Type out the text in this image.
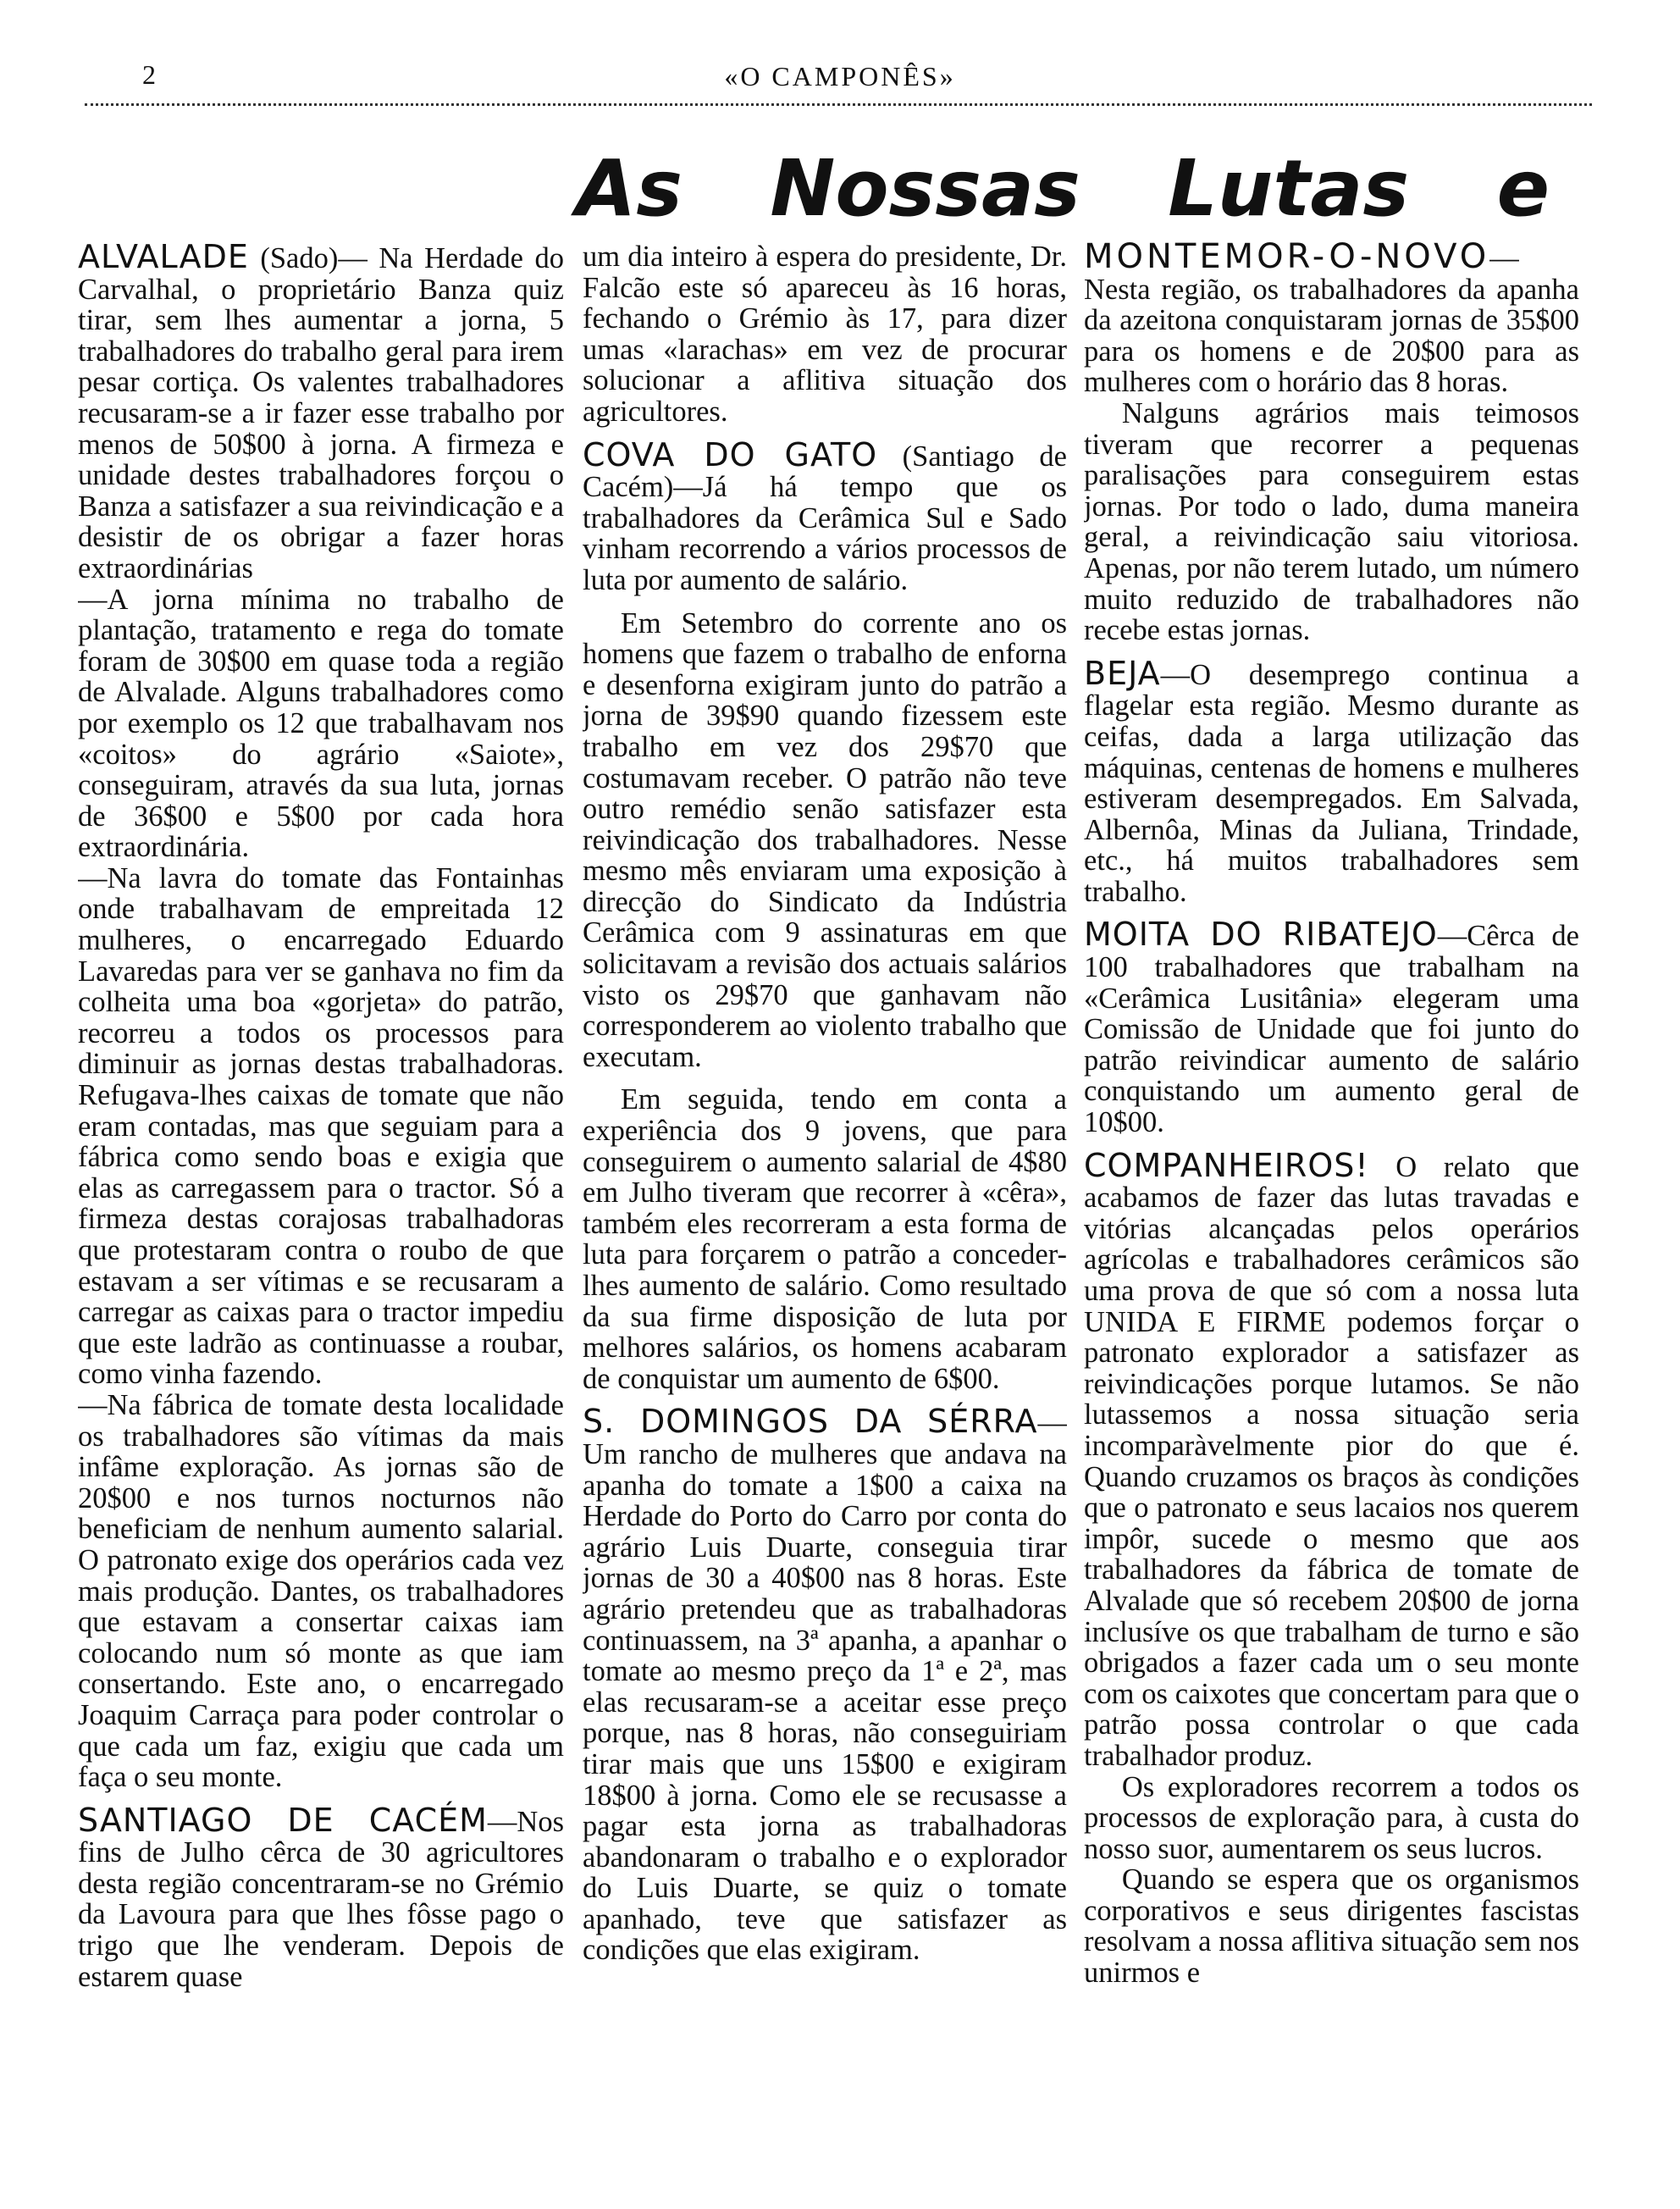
2	«O CAMPONÊS»
As Nossas Lutas e

ALVALADE (Sado)— Na Herdade do Carvalhal, o proprietário Banza quiz tirar, sem lhes aumentar a jorna, 5 trabalhadores do trabalho geral para irem pesar cortiça. Os valentes trabalhadores recusaram-se a ir fazer esse trabalho por menos de 50$00 à jorna. A firmeza e unidade destes trabalhadores forçou o Banza a satisfazer a sua reivindicação e a desistir de os obrigar a fazer horas extraordinárias

—A jorna mínima no trabalho de plantação, tratamento e rega do tomate foram de 30$00 em quase toda a região de Alvalade. Alguns trabalhadores como por exemplo os 12 que trabalhavam nos «coitos» do agrário «Saiote», conseguiram, através da sua luta, jornas de 36$00 e 5$00 por cada hora extraordinária.

—Na lavra do tomate das Fontainhas onde trabalhavam de empreitada 12 mulheres, o encarregado Eduardo Lavaredas para ver se ganhava no fim da colheita uma boa «gorjeta» do patrão, recorreu a todos os processos para diminuir as jornas destas trabalhadoras. Refugava-lhes caixas de tomate que não eram contadas, mas que seguiam para a fábrica como sendo boas e exigia que elas as carregassem para o tractor. Só a firmeza destas corajosas trabalhadoras que protestaram contra o roubo de que estavam a ser vítimas e se recusaram a carregar as caixas para o tractor impediu que este ladrão as continuasse a roubar, como vinha fazendo.

—Na fábrica de tomate desta localidade os trabalhadores são vítimas da mais infâme exploração. As jornas são de 20$00 e nos turnos nocturnos não beneficiam de nenhum aumento salarial. O patronato exige dos operários cada vez mais produção. Dantes, os trabalhadores que estavam a consertar caixas iam colocando num só monte as que iam consertando. Este ano, o encarregado Joaquim Carraça para poder controlar o que cada um faz, exigiu que cada um faça o seu monte.

SANTIAGO DE CACÉM—Nos fins de Julho cêrca de 30 agricultores desta região concentraram-se no Grémio da Lavoura para que lhes fôsse pago o trigo que lhe venderam. Depois de estarem quase

um dia inteiro à espera do presidente, Dr. Falcão este só apareceu às 16 horas, fechando o Grémio às 17, para dizer umas «larachas» em vez de procurar solucionar a aflitiva situação dos agricultores.

COVA DO GATO (Santiago de Cacém)—Já há tempo que os trabalhadores da Cerâmica Sul e Sado vinham recorrendo a vários processos de luta por aumento de salário.

Em Setembro do corrente ano os homens que fazem o trabalho de enforna e desenforna exigiram junto do patrão a jorna de 39$90 quando fizessem este trabalho em vez dos 29$70 que costumavam receber. O patrão não teve outro remédio senão satisfazer esta reivindicação dos trabalhadores. Nesse mesmo mês enviaram uma exposição à direcção do Sindicato da Indústria Cerâmica com 9 assinaturas em que solicitavam a revisão dos actuais salários visto os 29$70 que ganhavam não corresponderem ao violento trabalho que executam.

Em seguida, tendo em conta a experiência dos 9 jovens, que para conseguirem o aumento salarial de 4$80 em Julho tiveram que recorrer à «cêra», também eles recorreram a esta forma de luta para forçarem o patrão a conceder-lhes aumento de salário. Como resultado da sua firme disposição de luta por melhores salários, os homens acabaram de conquistar um aumento de 6$00.

S. DOMINGOS DA SÉRRA— Um rancho de mulheres que andava na apanha do tomate a 1$00 a caixa na Herdade do Porto do Carro por conta do agrário Luis Duarte, conseguia tirar jornas de 30 a 40$00 nas 8 horas. Este agrário pretendeu que as trabalhadoras continuassem, na 3ª apanha, a apanhar o tomate ao mesmo preço da 1ª e 2ª, mas elas recusaram-se a aceitar esse preço porque, nas 8 horas, não conseguiriam tirar mais que uns 15$00 e exigiram 18$00 à jorna. Como ele se recusasse a pagar esta jorna as trabalhadoras abandonaram o trabalho e o explorador do Luis Duarte, se quiz o tomate apanhado, teve que satisfazer as condições que elas exigiram.

MONTEMOR-O-NOVO—Nesta região, os trabalhadores da apanha da azeitona conquistaram jornas de 35$00 para os homens e de 20$00 para as mulheres com o horário das 8 horas.

Nalguns agrários mais teimosos tiveram que recorrer a pequenas paralisações para conseguirem estas jornas. Por todo o lado, duma maneira geral, a reivindicação saiu vitoriosa. Apenas, por não terem lutado, um número muito reduzido de trabalhadores não recebe estas jornas.

BEJA—O desemprego continua a flagelar esta região. Mesmo durante as ceifas, dada a larga utilização das máquinas, centenas de homens e mulheres estiveram desempregados. Em Salvada, Albernôa, Minas da Juliana, Trindade, etc., há muitos trabalhadores sem trabalho.

MOITA DO RIBATEJO—Cêrca de 100 trabalhadores que trabalham na «Cerâmica Lusitânia» elegeram uma Comissão de Unidade que foi junto do patrão reivindicar aumento de salário conquistando um aumento geral de 10$00.

COMPANHEIROS! O relato que acabamos de fazer das lutas travadas e vitórias alcançadas pelos operários agrícolas e trabalhadores cerâmicos são uma prova de que só com a nossa luta UNIDA E FIRME podemos forçar o patronato explorador a satisfazer as reivindicações porque lutamos. Se não lutassemos a nossa situação seria incomparàvelmente pior do que é. Quando cruzamos os braços às condições que o patronato e seus lacaios nos querem impôr, sucede o mesmo que aos trabalhadores da fábrica de tomate de Alvalade que só recebem 20$00 de jorna inclusíve os que trabalham de turno e são obrigados a fazer cada um o seu monte com os caixotes que concertam para que o patrão possa controlar o que cada trabalhador produz.

Os exploradores recorrem a todos os processos de exploração para, à custa do nosso suor, aumentarem os seus lucros.

Quando se espera que os organismos corporativos e seus dirigentes fascistas resolvam a nossa aflitiva situação sem nos unirmos e
